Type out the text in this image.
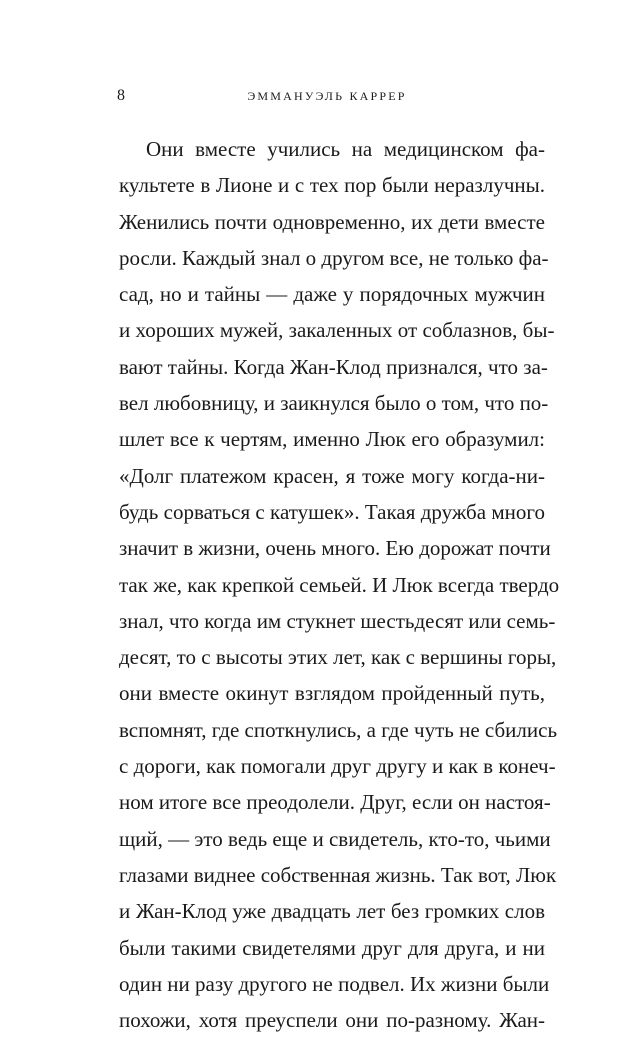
8	ЭММАНУЭЛЬ КАРРЕР
Они вместе учились на медицинском фа-
культете в Лионе и с тех пор были неразлучны.
Женились почти одновременно, их дети вместе
росли. Каждый знал о другом все, не только фа-
сад, но и тайны — даже у порядочных мужчин
и хороших мужей, закаленных от соблазнов, бы-
вают тайны. Когда Жан-Клод признался, что за-
вел любовницу, и заикнулся было о том, что по-
шлет все к чертям, именно Люк его образумил:
«Долг платежом красен, я тоже могу когда-ни-
будь сорваться с катушек». Такая дружба много
значит в жизни, очень много. Ею дорожат почти
так же, как крепкой семьей. И Люк всегда твердо
знал, что когда им стукнет шестьдесят или семь-
десят, то с высоты этих лет, как с вершины горы,
они вместе окинут взглядом пройденный путь,
вспомнят, где споткнулись, а где чуть не сбились
с дороги, как помогали друг другу и как в конеч-
ном итоге все преодолели. Друг, если он настоя-
щий, — это ведь еще и свидетель, кто-то, чьими
глазами виднее собственная жизнь. Так вот, Люк
и Жан-Клод уже двадцать лет без громких слов
были такими свидетелями друг для друга, и ни
один ни разу другого не подвел. Их жизни были
похожи, хотя преуспели они по-разному. Жан-
